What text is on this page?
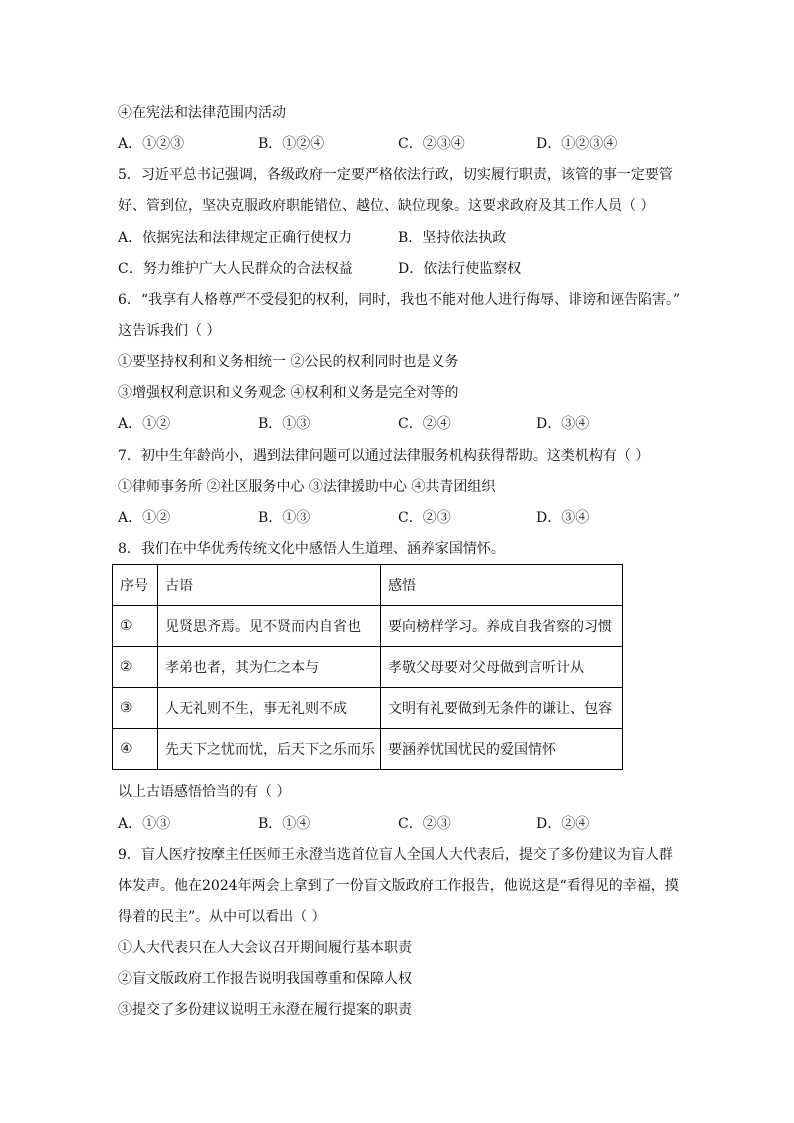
④在宪法和法律范围内活动
A．①②③	B．①②④	C．②③④	D．①②③④
5．习近平总书记强调，各级政府一定要严格依法行政，切实履行职责，该管的事一定要管
好、管到位，坚决克服政府职能错位、越位、缺位现象。这要求政府及其工作人员（ ）
A．依据宪法和法律规定正确行使权力	B．坚持依法执政
C．努力维护广大人民群众的合法权益	D．依法行使监察权
6．“我享有人格尊严不受侵犯的权利，同时，我也不能对他人进行侮辱、诽谤和诬告陷害。”
这告诉我们（ ）
①要坚持权利和义务相统一 ②公民的权利同时也是义务
③增强权利意识和义务观念 ④权利和义务是完全对等的
A．①②	B．①③	C．②④	D．③④
7．初中生年龄尚小，遇到法律问题可以通过法律服务机构获得帮助。这类机构有（ ）
①律师事务所 ②社区服务中心 ③法律援助中心 ④共青团组织
A．①②	B．①③	C．②③	D．③④
8．我们在中华优秀传统文化中感悟人生道理、涵养家国情怀。
序号	古语	感悟
①	见贤思齐焉。见不贤而内自省也	要向榜样学习。养成自我省察的习惯
②	孝弟也者，其为仁之本与	孝敬父母要对父母做到言听计从
③	人无礼则不生，事无礼则不成	文明有礼要做到无条件的谦让、包容
④	先天下之忧而忧，后天下之乐而乐	要涵养忧国忧民的爱国情怀
以上古语感悟恰当的有（ ）
A．①③	B．①④	C．②③	D．②④
9．盲人医疗按摩主任医师王永澄当选首位盲人全国人大代表后，提交了多份建议为盲人群
体发声。他在2024年两会上拿到了一份盲文版政府工作报告，他说这是“看得见的幸福，摸
得着的民主”。从中可以看出（ ）
①人大代表只在人大会议召开期间履行基本职责
②盲文版政府工作报告说明我国尊重和保障人权
③提交了多份建议说明王永澄在履行提案的职责
